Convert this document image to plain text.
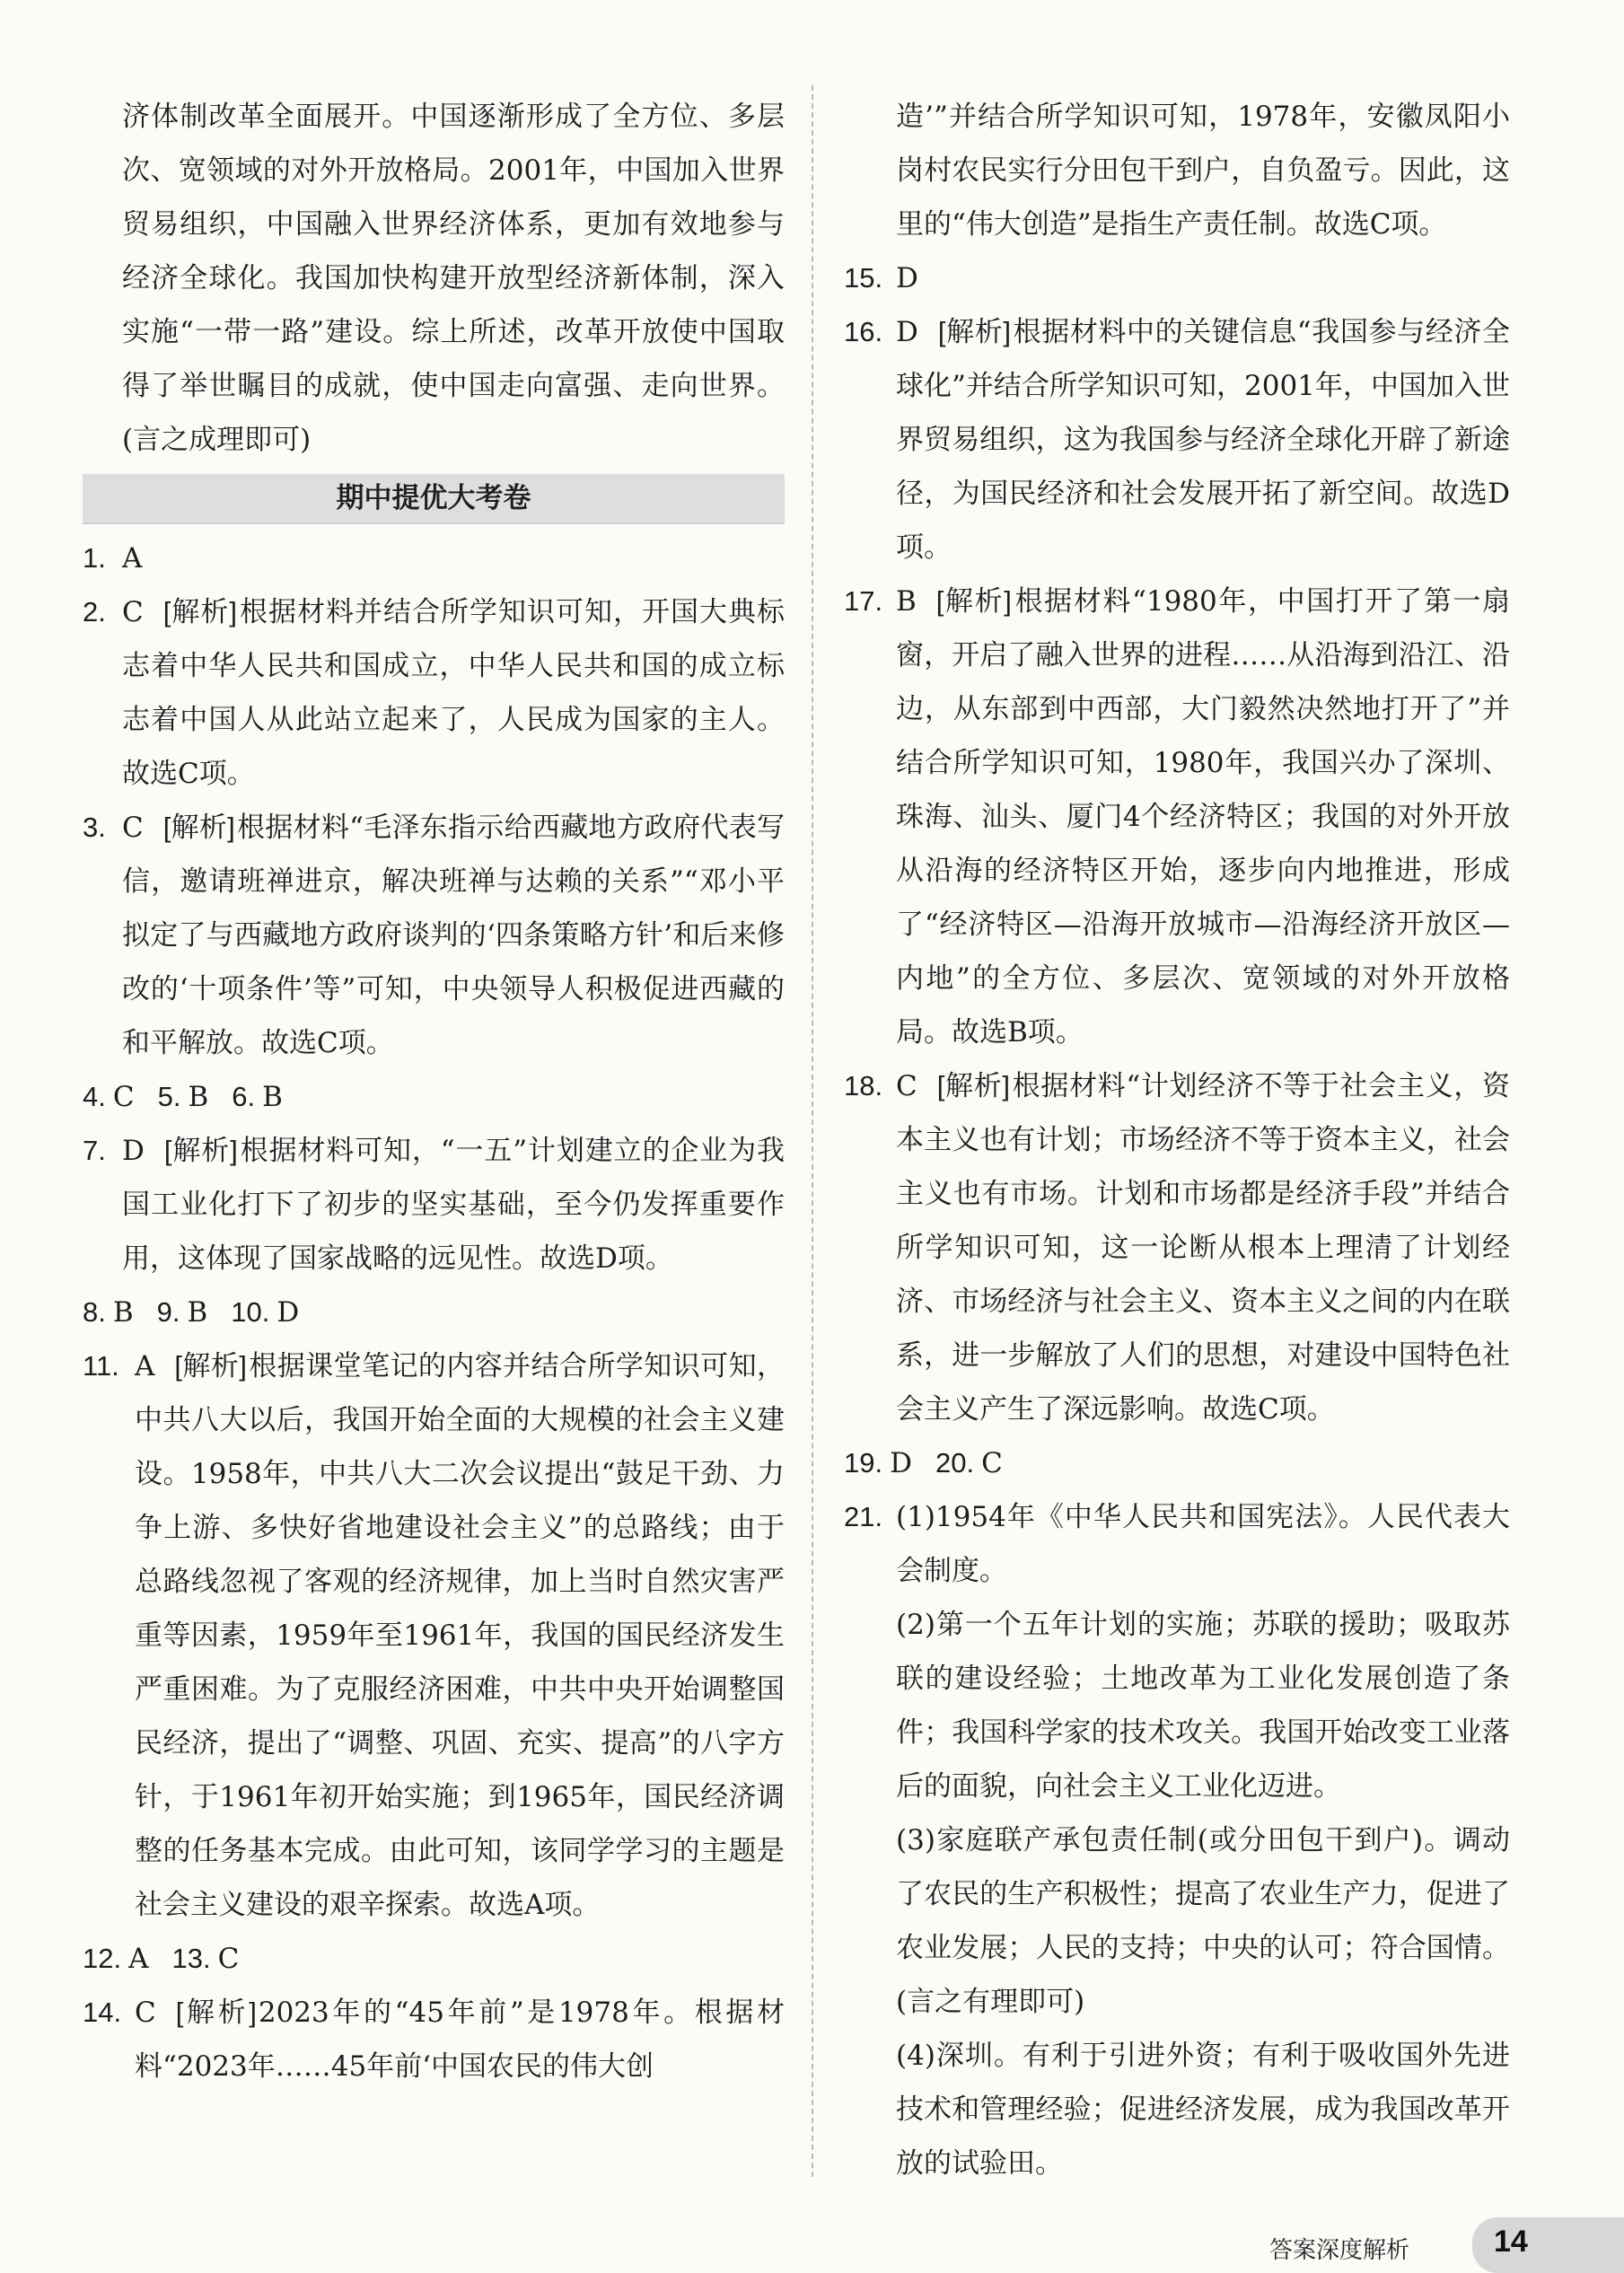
济体制改革全面展开。中国逐渐形成了全方位、多层次、宽领域的对外开放格局。2001年，中国加入世界贸易组织，中国融入世界经济体系，更加有效地参与经济全球化。我国加快构建开放型经济新体制，深入实施“一带一路”建设。综上所述，改革开放使中国取得了举世瞩目的成就，使中国走向富强、走向世界。(言之成理即可)

期中提优大考卷
1. A
2. C [解析]根据材料并结合所学知识可知，开国大典标志着中华人民共和国成立，中华人民共和国的成立标志着中国人从此站立起来了，人民成为国家的主人。故选C项。
3. C [解析]根据材料“毛泽东指示给西藏地方政府代表写信，邀请班禅进京，解决班禅与达赖的关系”“邓小平拟定了与西藏地方政府谈判的‘四条策略方针’和后来修改的‘十项条件’等”可知，中央领导人积极促进西藏的和平解放。故选C项。
4. C 5. B 6. B
7. D [解析]根据材料可知，“一五”计划建立的企业为我国工业化打下了初步的坚实基础，至今仍发挥重要作用，这体现了国家战略的远见性。故选D项。
8. B 9. B 10. D
11. A [解析]根据课堂笔记的内容并结合所学知识可知，中共八大以后，我国开始全面的大规模的社会主义建设。1958年，中共八大二次会议提出“鼓足干劲、力争上游、多快好省地建设社会主义”的总路线；由于总路线忽视了客观的经济规律，加上当时自然灾害严重等因素，1959年至1961年，我国的国民经济发生严重困难。为了克服经济困难，中共中央开始调整国民经济，提出了“调整、巩固、充实、提高”的八字方针，于1961年初开始实施；到1965年，国民经济调整的任务基本完成。由此可知，该同学学习的主题是社会主义建设的艰辛探索。故选A项。
12. A 13. C
14. C [解析]2023年的“45年前”是1978年。根据材料“2023年……45年前‘中国农民的伟大创

造’”并结合所学知识可知，1978年，安徽凤阳小岗村农民实行分田包干到户，自负盈亏。因此，这里的“伟大创造”是指生产责任制。故选C项。

15. D
16. D [解析]根据材料中的关键信息“我国参与经济全球化”并结合所学知识可知，2001年，中国加入世界贸易组织，这为我国参与经济全球化开辟了新途径，为国民经济和社会发展开拓了新空间。故选D项。
17. B [解析]根据材料“1980年，中国打开了第一扇窗，开启了融入世界的进程……从沿海到沿江、沿边，从东部到中西部，大门毅然决然地打开了”并结合所学知识可知，1980年，我国兴办了深圳、珠海、汕头、厦门4个经济特区；我国的对外开放从沿海的经济特区开始，逐步向内地推进，形成了“经济特区—沿海开放城市—沿海经济开放区—内地”的全方位、多层次、宽领域的对外开放格局。故选B项。
18. C [解析]根据材料“计划经济不等于社会主义，资本主义也有计划；市场经济不等于资本主义，社会主义也有市场。计划和市场都是经济手段”并结合所学知识可知，这一论断从根本上理清了计划经济、市场经济与社会主义、资本主义之间的内在联系，进一步解放了人们的思想，对建设中国特色社会主义产生了深远影响。故选C项。
19. D 20. C
21. (1)1954年《中华人民共和国宪法》。人民代表大会制度。
(2)第一个五年计划的实施；苏联的援助；吸取苏联的建设经验；土地改革为工业化发展创造了条件；我国科学家的技术攻关。我国开始改变工业落后的面貌，向社会主义工业化迈进。
(3)家庭联产承包责任制(或分田包干到户)。调动了农民的生产积极性；提高了农业生产力，促进了农业发展；人民的支持；中央的认可；符合国情。(言之有理即可)
(4)深圳。有利于引进外资；有利于吸收国外先进技术和管理经验；促进经济发展，成为我国改革开放的试验田。
答案深度解析	14
